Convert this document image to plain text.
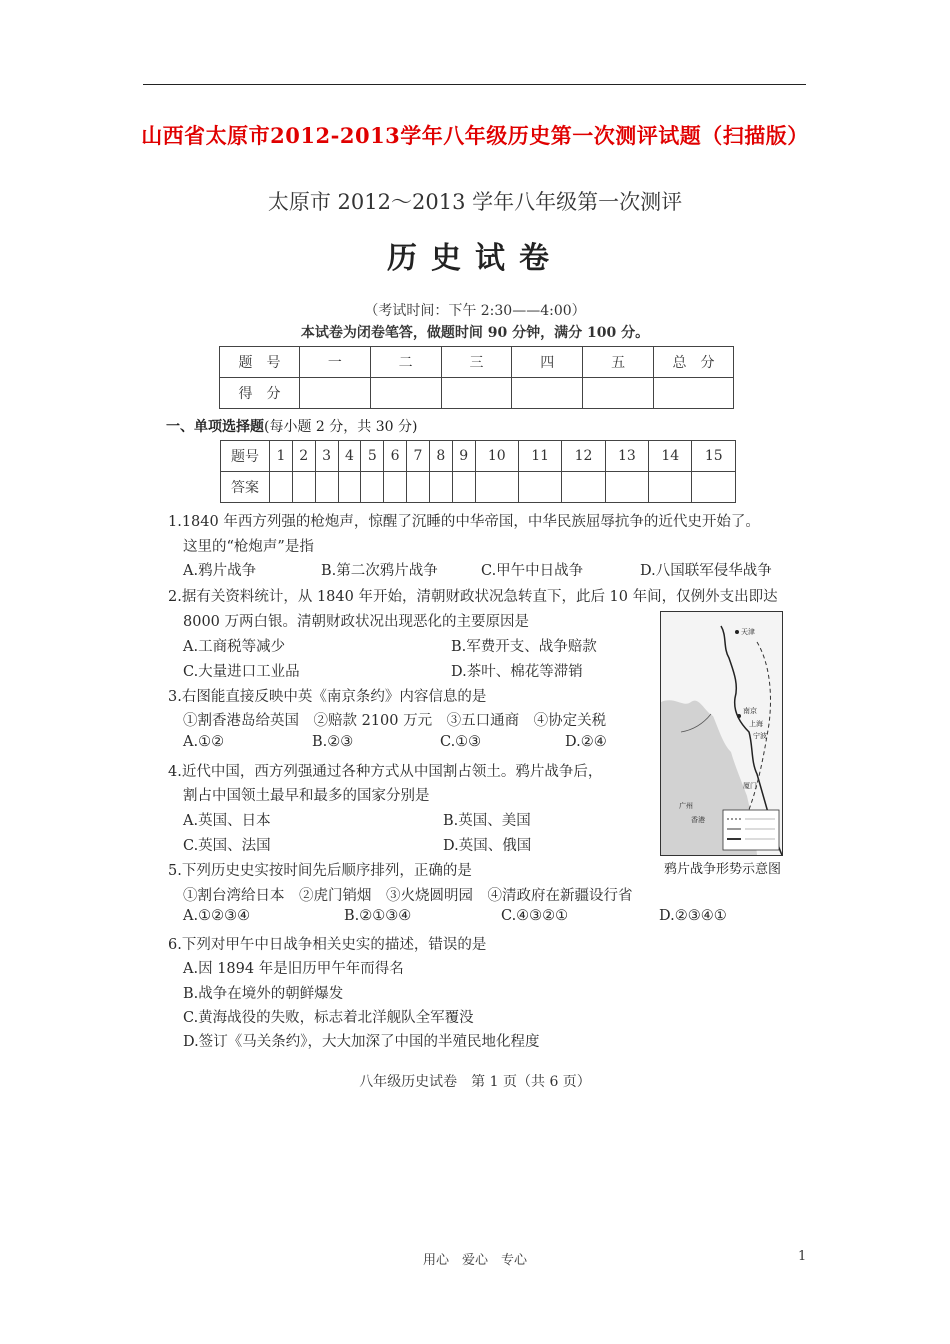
山西省太原市2012-2013学年八年级历史第一次测评试题（扫描版）
太原市 2012～2013 学年八年级第一次测评
历史试卷
（考试时间：下午 2:30——4:00）
本试卷为闭卷笔答，做题时间 90 分钟，满分 100 分。
题　号	一	二	三	四	五	总　分
得　分						
一、单项选择题(每小题 2 分，共 30 分)
题号	1	2	3	4	5	6	7	8	9	10	11	12	13	14	15
答案															
1.1840 年西方列强的枪炮声，惊醒了沉睡的中华帝国，中华民族屈辱抗争的近代史开始了。
这里的“枪炮声”是指
A.鸦片战争	B.第二次鸦片战争	C.甲午中日战争	D.八国联军侵华战争
2.据有关资料统计，从 1840 年开始，清朝财政状况急转直下，此后 10 年间，仅例外支出即达
8000 万两白银。清朝财政状况出现恶化的主要原因是
A.工商税等减少	B.军费开支、战争赔款
C.大量进口工业品	D.茶叶、棉花等滞销
3.右图能直接反映中英《南京条约》内容信息的是
①割香港岛给英国　②赔款 2100 万元　③五口通商　④协定关税
A.①②	B.②③	C.①③	D.②④
4.近代中国，西方列强通过各种方式从中国割占领土。鸦片战争后，
割占中国领土最早和最多的国家分别是
A.英国、日本	B.英国、美国
C.英国、法国	D.英国、俄国
5.下列历史史实按时间先后顺序排列，正确的是
①割台湾给日本　②虎门销烟　③火烧圆明园　④清政府在新疆设行省
A.①②③④	B.②①③④	C.④③②①	D.②③④①
6.下列对甲午中日战争相关史实的描述，错误的是
A.因 1894 年是旧历甲午年而得名
B.战争在境外的朝鲜爆发
C.黄海战役的失败，标志着北洋舰队全军覆没
D.签订《马关条约》，大大加深了中国的半殖民地化程度
天津
南京
上海
宁波
厦门
广州
香港
鸦片战争形势示意图
八年级历史试卷　第 1 页（共 6 页）
用心　爱心　专心	1
